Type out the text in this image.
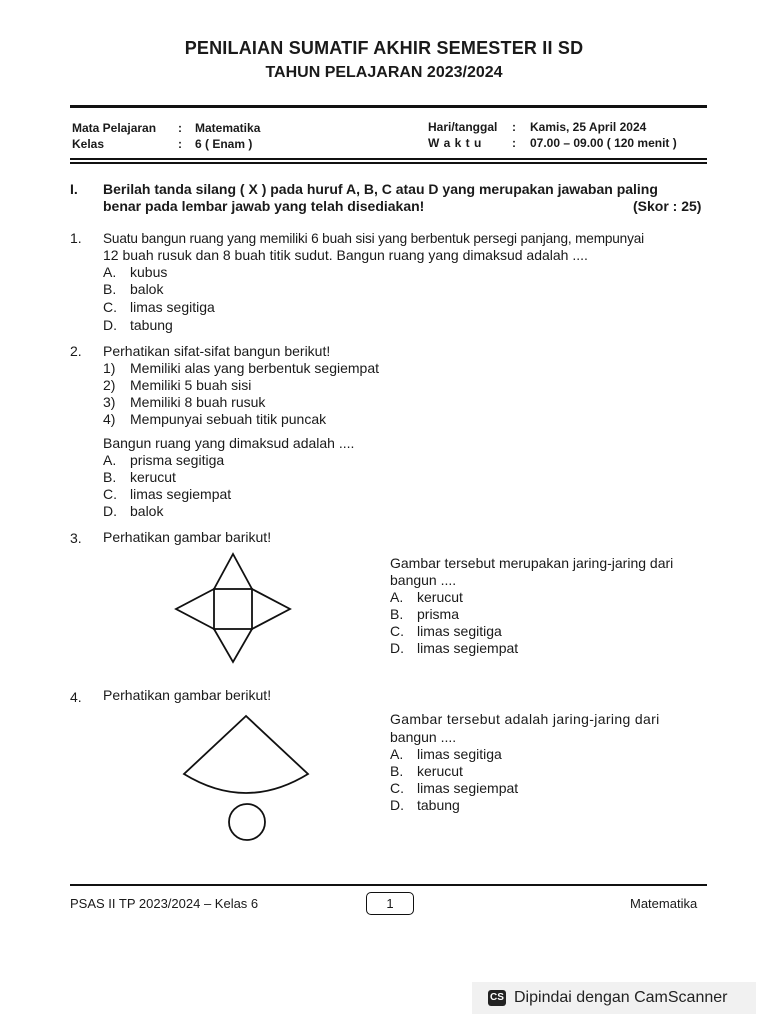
PENILAIAN SUMATIF AKHIR SEMESTER II SD
TAHUN PELAJARAN 2023/2024
Mata Pelajaran : Matematika
Kelas	: 6 ( Enam )
Hari/tanggal : Kamis, 25 April 2024
W a k t u	: 07.00 – 09.00 ( 120 menit )
I. Berilah tanda silang ( X ) pada huruf A, B, C atau D yang merupakan jawaban paling
benar pada lembar jawab yang telah disediakan!	(Skor : 25)
1. Suatu bangun ruang yang memiliki 6 buah sisi yang berbentuk persegi panjang, mempunyai
12 buah rusuk dan 8 buah titik sudut. Bangun ruang yang dimaksud adalah ....
A. kubus
B. balok
C. limas segitiga
D. tabung
2. Perhatikan sifat-sifat bangun berikut!
1) Memiliki alas yang berbentuk segiempat
2) Memiliki 5 buah sisi
3) Memiliki 8 buah rusuk
4) Mempunyai sebuah titik puncak
Bangun ruang yang dimaksud adalah ....
A. prisma segitiga
B. kerucut
C. limas segiempat
D. balok
3. Perhatikan gambar barikut!
Gambar tersebut merupakan jaring-jaring dari
bangun ....
A. kerucut
B. prisma
C. limas segitiga
D. limas segiempat
4. Perhatikan gambar berikut!
Gambar tersebut adalah jaring-jaring dari
bangun ....
A. limas segitiga
B. kerucut
C. limas segiempat
D. tabung
PSAS II TP 2023/2024 – Kelas 6	1	Matematika
CS Dipindai dengan CamScanner
